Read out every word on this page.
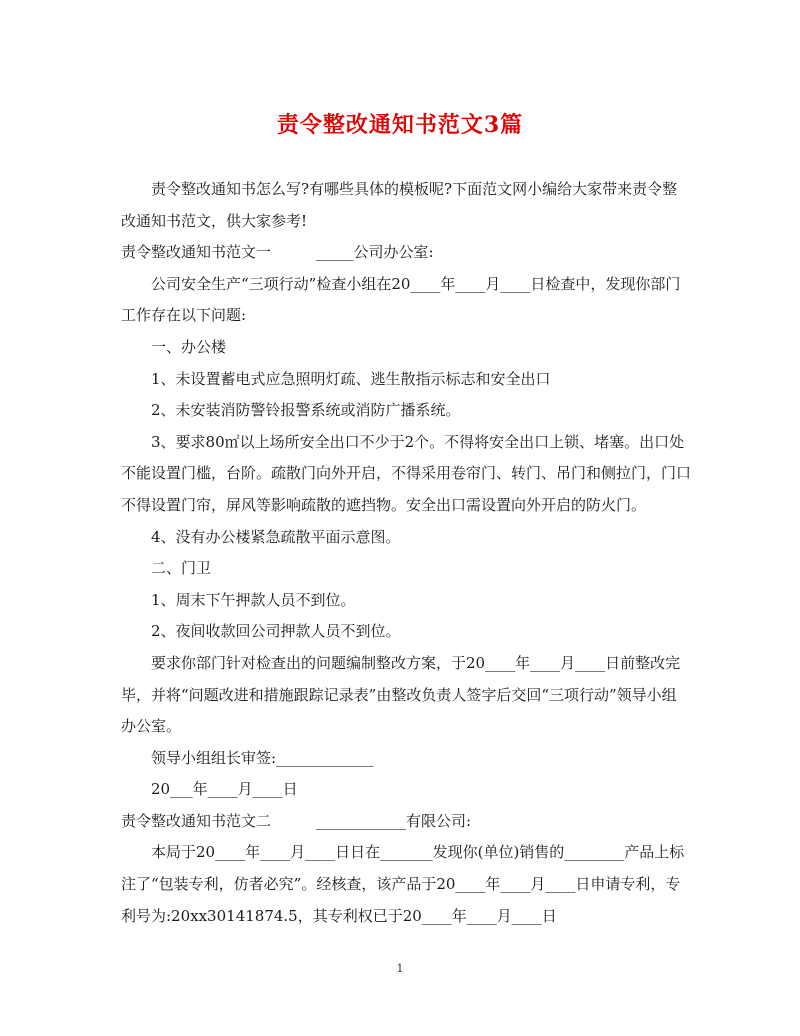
责令整改通知书范文3篇

责令整改通知书怎么写?有哪些具体的模板呢?下面范文网小编给大家带来责令整改通知书范文，供大家参考!

责令整改通知书范文一　　　_____公司办公室:

公司安全生产“三项行动”检查小组在20____年____月____日检查中，发现你部门工作存在以下问题:

一、办公楼

1、未设置蓄电式应急照明灯疏、逃生散指示标志和安全出口

2、未安装消防警铃报警系统或消防广播系统。

3、要求80㎡以上场所安全出口不少于2个。不得将安全出口上锁、堵塞。出口处不能设置门槛，台阶。疏散门向外开启，不得采用卷帘门、转门、吊门和侧拉门，门口不得设置门帘，屏风等影响疏散的遮挡物。安全出口需设置向外开启的防火门。

4、没有办公楼紧急疏散平面示意图。

二、门卫

1、周末下午押款人员不到位。

2、夜间收款回公司押款人员不到位。

要求你部门针对检查出的问题编制整改方案，于20____年____月____日前整改完毕，并将“问题改进和措施跟踪记录表”由整改负责人签字后交回“三项行动”领导小组办公室。

领导小组组长审签:_____________

20___年____月____日

责令整改通知书范文二　　　____________有限公司:

本局于20____年____月____日日在_______发现你(单位)销售的________产品上标注了“包装专利，仿者必究”。经核查，该产品于20____年____月____日申请专利，专利号为:20xx30141874.5，其专利权已于20____年____月____日

1
